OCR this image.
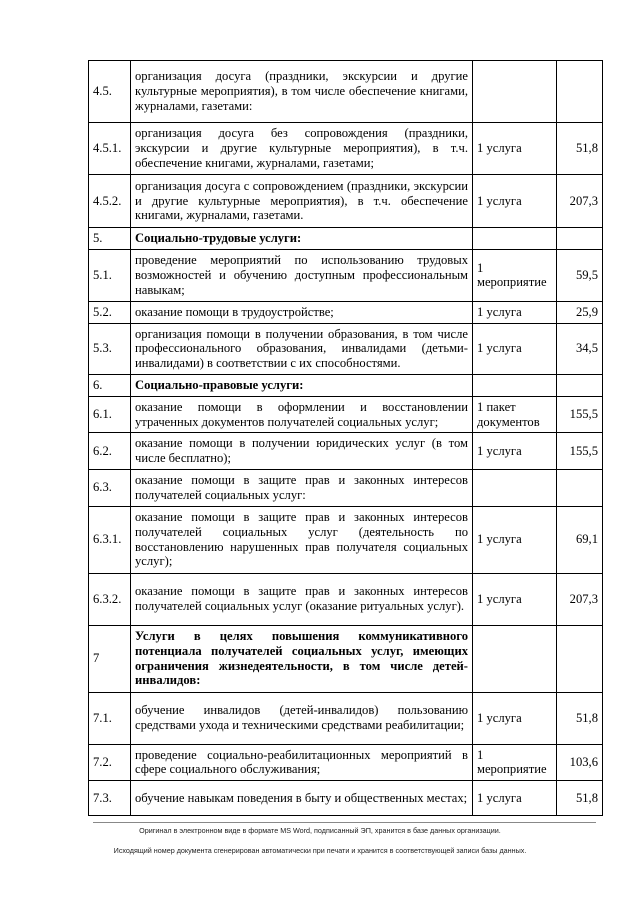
4.5.	организация досуга (праздники, экскурсии и другие культурные мероприятия), в том числе обеспечение книгами, журналами, газетами:		
4.5.1.	организация досуга без сопровождения (праздники, экскурсии и другие культурные мероприятия), в т.ч. обеспечение книгами, журналами, газетами;	1 услуга	51,8
4.5.2.	организация досуга с сопровождением (праздники, экскурсии и другие культурные мероприятия), в т.ч. обеспечение книгами, журналами, газетами.	1 услуга	207,3
5.	Социально-трудовые услуги:		
5.1.	проведение мероприятий по использованию трудовых возможностей и обучению доступным профессиональным навыкам;	1 мероприятие	59,5
5.2.	оказание помощи в трудоустройстве;	1 услуга	25,9
5.3.	организация помощи в получении образования, в том числе профессионального образования, инвалидами (детьми-инвалидами) в соответствии с их способностями.	1 услуга	34,5
6.	Социально-правовые услуги:		
6.1.	оказание помощи в оформлении и восстановлении утраченных документов получателей социальных услуг;	1 пакет документов	155,5
6.2.	оказание помощи в получении юридических услуг (в том числе бесплатно);	1 услуга	155,5
6.3.	оказание помощи в защите прав и законных интересов получателей социальных услуг:		
6.3.1.	оказание помощи в защите прав и законных интересов получателей социальных услуг (деятельность по восстановлению нарушенных прав получателя социальных услуг);	1 услуга	69,1
6.3.2.	оказание помощи в защите прав и законных интересов получателей социальных услуг (оказание ритуальных услуг).	1 услуга	207,3
7	Услуги в целях повышения коммуникативного потенциала получателей социальных услуг, имеющих ограничения жизнедеятельности, в том числе детей-инвалидов:		
7.1.	обучение инвалидов (детей-инвалидов) пользованию средствами ухода и техническими средствами реабилитации;	1 услуга	51,8
7.2.	проведение социально-реабилитационных мероприятий в сфере социального обслуживания;	1 мероприятие	103,6
7.3.	обучение навыкам поведения в быту и общественных местах;	1 услуга	51,8
Оригинал в электронном виде в формате MS Word, подписанный ЭП, хранится в базе данных организации.
Исходящий номер документа сгенерирован автоматически при печати и хранится в соответствующей записи базы данных.
